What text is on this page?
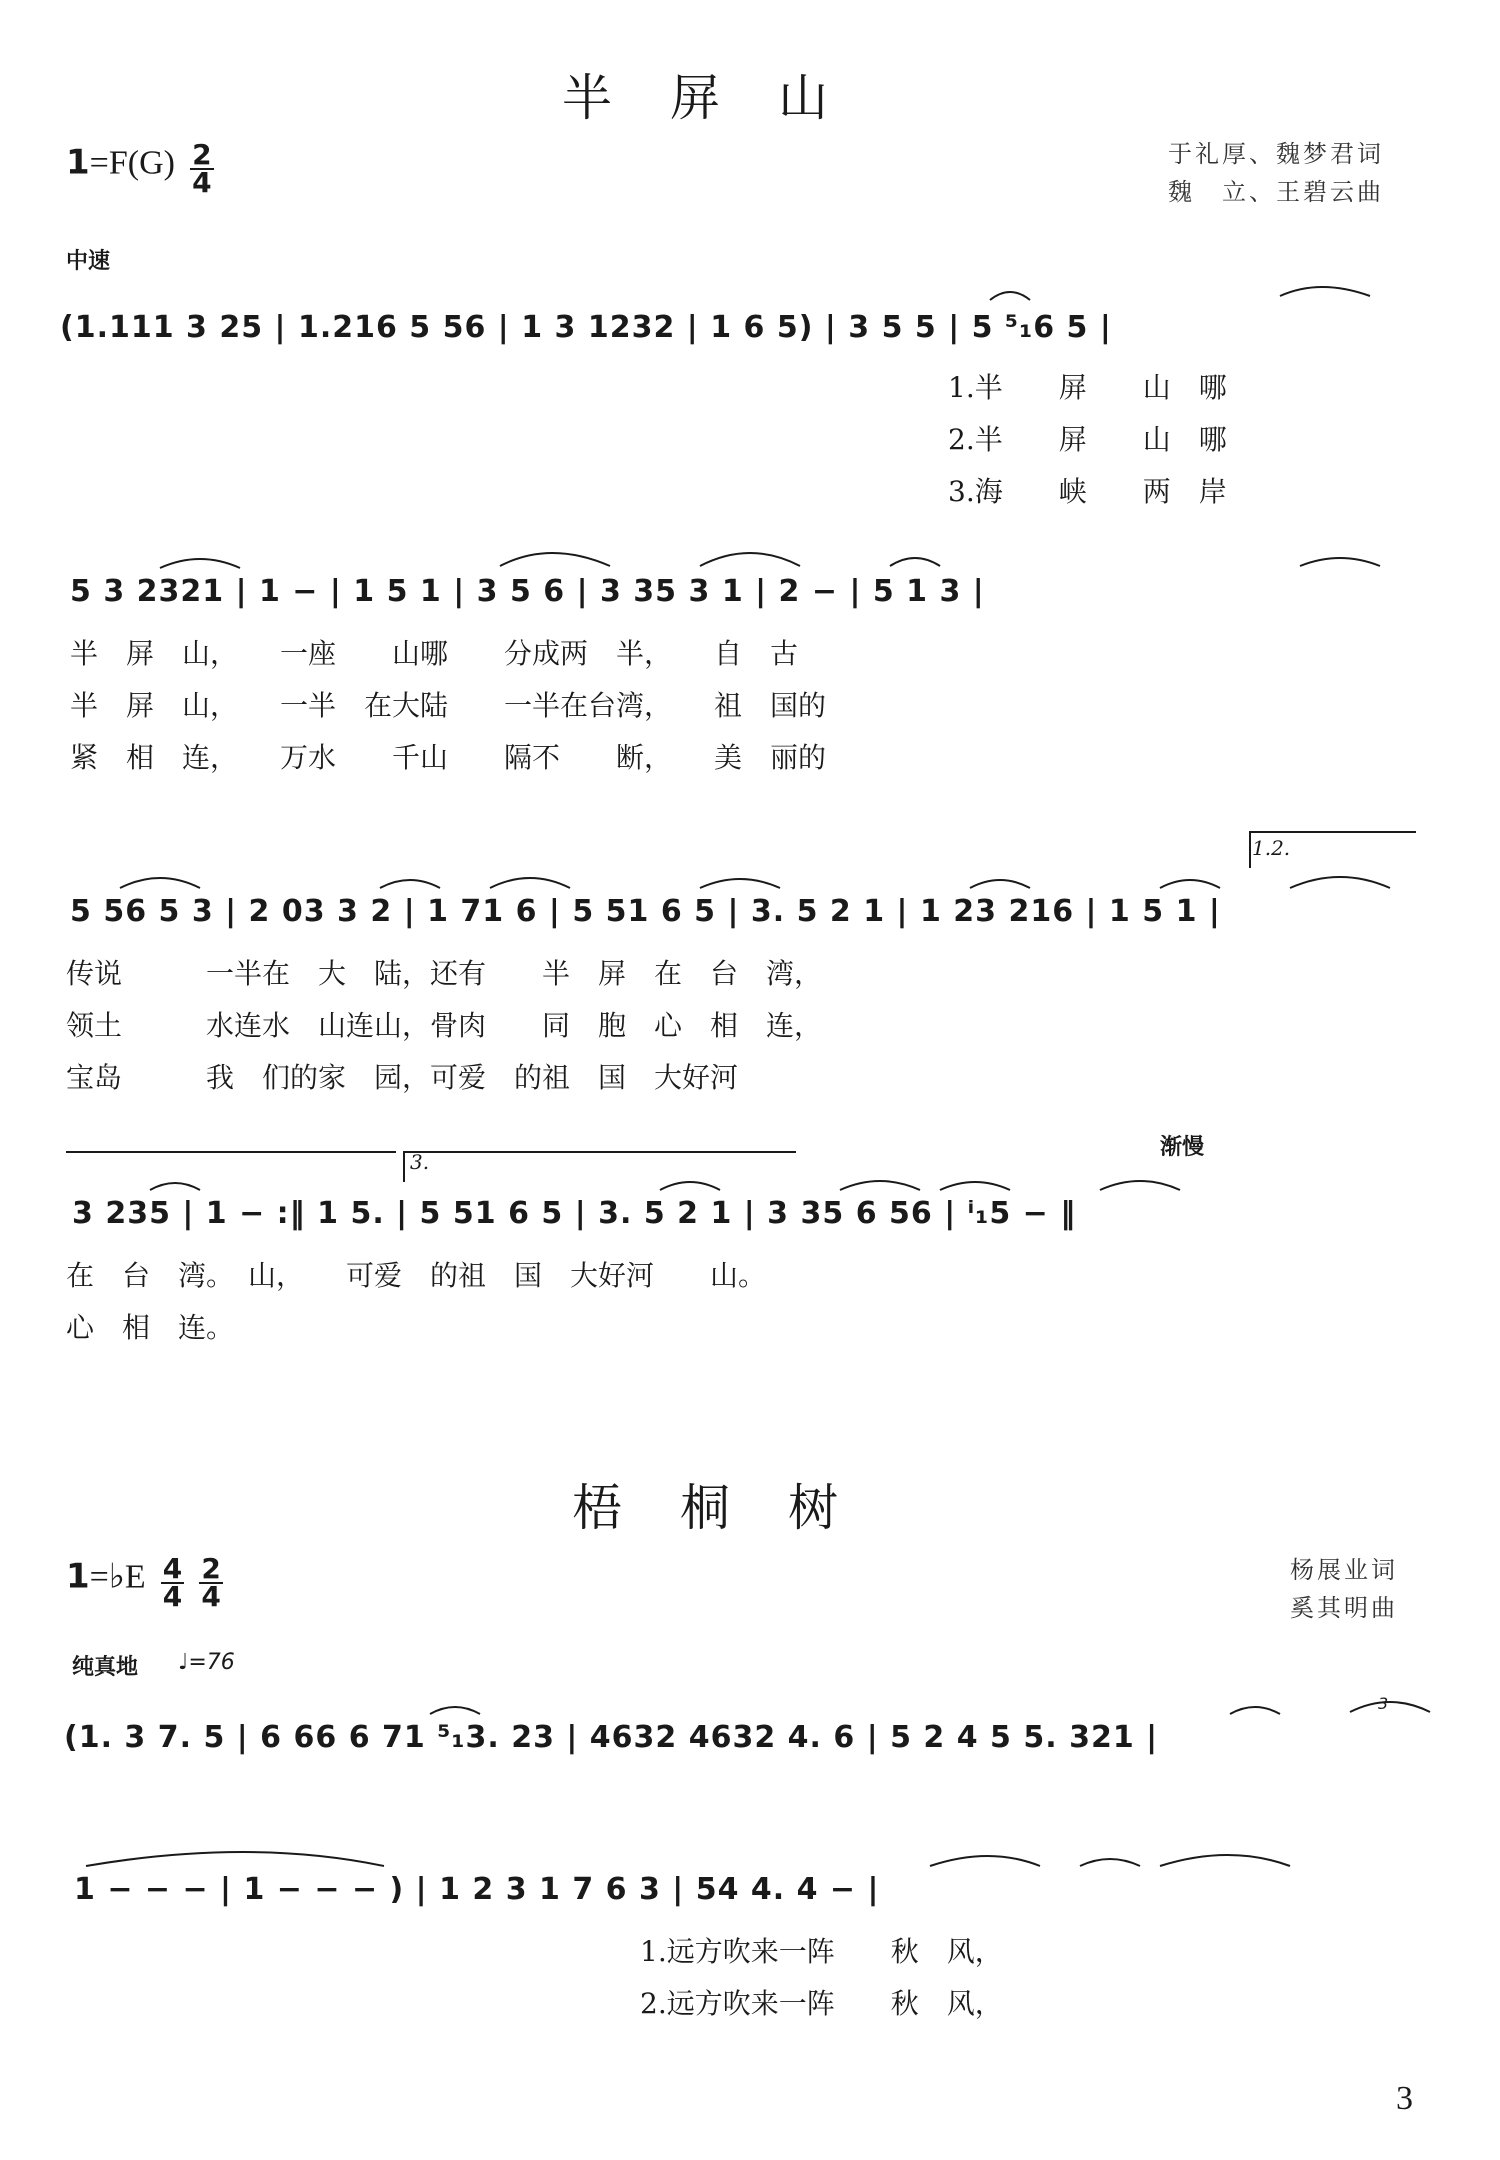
半屏山
$1=F(G) \frac{2}{4}$	于礼厚、魏梦君词
魏　立、王碧云曲
中速
(1.111 3 25 | 1.216 5 56 | 1 3 1232 | 1 6 5) | 3 5 5 | 5 ⁵₁6 5 |
1.半　　屏　　山　哪
2.半　　屏　　山　哪
3.海　　峡　　两　岸
5 3 2321 | 1 − | 1 5 1 | 3 5 6 | 3 35 3 1 | 2 − | 5 1 3 |
半　屏　山，　　一座　　山哪　　分成两　半，　　自　古
半　屏　山，　　一半　在大陆　　一半在台湾，　　祖　国的
紧　相　连，　　万水　　千山　　隔不　　断，　　美　丽的
1.2.
5 56 5 3 | 2 03 3 2 | 1 71 6 | 5 51 6 5 | 3. 5 2 1 | 1 23 216 | 1 5 1 |
传说　　　一半在　大　陆，还有　　半　屏　在　台　湾，
领土　　　水连水　山连山，骨肉　　同　胞　心　相　连，
宝岛　　　我　们的家　园，可爱　的祖　国　大好河
3.
渐慢
3 235 | 1 − :‖ 1 5. | 5 51 6 5 | 3. 5 2 1 | 3 35 6 56 | ⁱ₁5 − ‖
在　台　湾。　山，　　可爱　的祖　国　大好河　　山。
心　相　连。
梧桐树
1=♭E $\frac{4}{4}$
$\frac{2}{4}$	杨展业词
奚其明曲
纯真地 ♩=76
3
(1. 3 7. 5 | 6 66 6 71 ⁵₁3. 23 | 4632 4632 4. 6 | 5 2 4 5 5. 321 |
1 − − − | 1 − − − ) | 1 2 3 1 7 6 3 | 54 4. 4 − |
1.远方吹来一阵　　秋　风，
2.远方吹来一阵　　秋　风，
3
